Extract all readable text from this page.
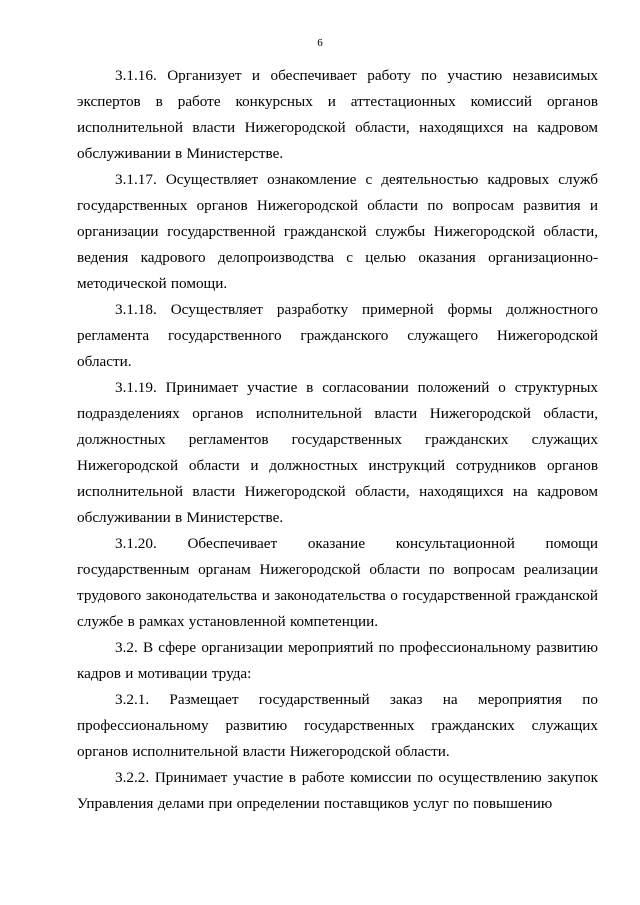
6

3.1.16. Организует и обеспечивает работу по участию независимых экспертов в работе конкурсных и аттестационных комиссий органов исполнительной власти Нижегородской области, находящихся на кадровом обслуживании в Министерстве.

3.1.17. Осуществляет ознакомление с деятельностью кадровых служб государственных органов Нижегородской области по вопросам развития и организации государственной гражданской службы Нижегородской области, ведения кадрового делопроизводства с целью оказания организационно-методической помощи.

3.1.18. Осуществляет разработку примерной формы должностного регламента государственного гражданского служащего Нижегородской области.

3.1.19. Принимает участие в согласовании положений о структурных подразделениях органов исполнительной власти Нижегородской области, должностных регламентов государственных гражданских служащих Нижегородской области и должностных инструкций сотрудников органов исполнительной власти Нижегородской области, находящихся на кадровом обслуживании в Министерстве.

3.1.20. Обеспечивает оказание консультационной помощи государственным органам Нижегородской области по вопросам реализации трудового законодательства и законодательства о государственной гражданской службе в рамках установленной компетенции.

3.2. В сфере организации мероприятий по профессиональному развитию кадров и мотивации труда:

3.2.1. Размещает государственный заказ на мероприятия по профессиональному развитию государственных гражданских служащих органов исполнительной власти Нижегородской области.

3.2.2. Принимает участие в работе комиссии по осуществлению закупок Управления делами при определении поставщиков услуг по повышению
